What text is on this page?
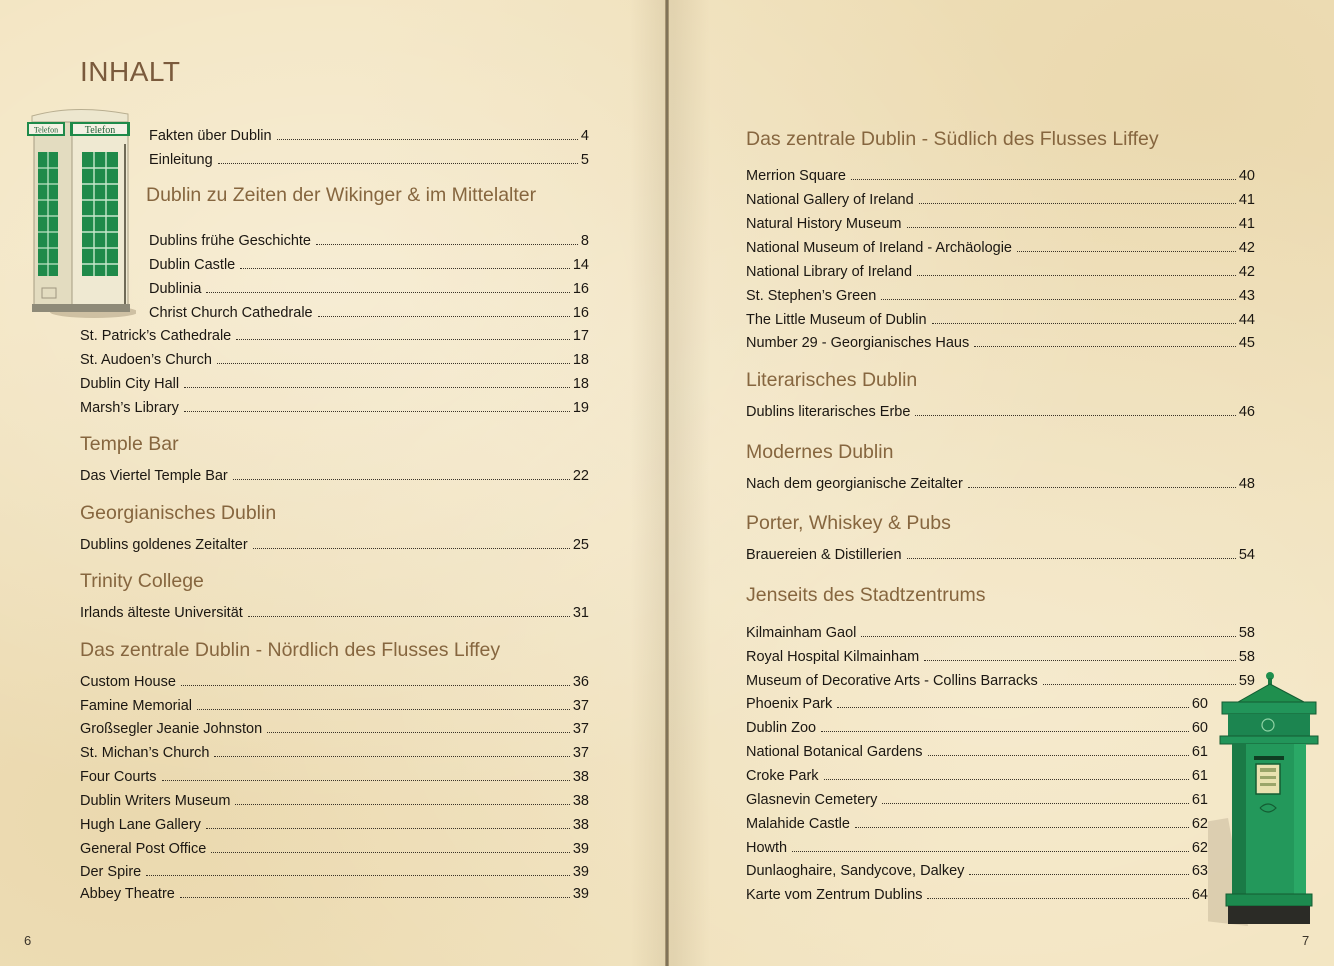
INHALT
Telefon
Telefon	Fakten über Dublin	4
Einleitung	5
Dublin zu Zeiten der Wikinger & im Mittelalter
Dublins frühe Geschichte	8
Dublin Castle	14
Dublinia	16
Christ Church Cathedrale	16
St. Patrick’s Cathedrale	17
St. Audoen’s Church	18
Dublin City Hall	18
Marsh’s Library	19
Temple Bar
Das Viertel Temple Bar	22
Georgianisches Dublin
Dublins goldenes Zeitalter	25
Trinity College
Irlands älteste Universität	31
Das zentrale Dublin - Nördlich des Flusses Liffey
Custom House	36
Famine Memorial	37
Großsegler Jeanie Johnston	37
St. Michan’s Church	37
Four Courts	38
Dublin Writers Museum	38
Hugh Lane Gallery	38
General Post Office	39
Der Spire	39
Abbey Theatre	39
6
Das zentrale Dublin - Südlich des Flusses Liffey
Merrion Square	40
National Gallery of Ireland	41
Natural History Museum	41
National Museum of Ireland - Archäologie	42
National Library of Ireland	42
St. Stephen’s Green	43
The Little Museum of Dublin	44
Number 29 - Georgianisches Haus	45
Literarisches Dublin
Dublins literarisches Erbe	46
Modernes Dublin
Nach dem georgianische Zeitalter	48
Porter, Whiskey & Pubs
Brauereien & Distillerien	54
Jenseits des Stadtzentrums
Kilmainham Gaol	58
Royal Hospital Kilmainham	58
Museum of Decorative Arts - Collins Barracks	59
Phoenix Park	60
Dublin Zoo	60
National Botanical Gardens	61
Croke Park	61
Glasnevin Cemetery	61
Malahide Castle	62
Howth	62
Dunlaoghaire, Sandycove, Dalkey	63
Karte vom Zentrum Dublins	64
7
